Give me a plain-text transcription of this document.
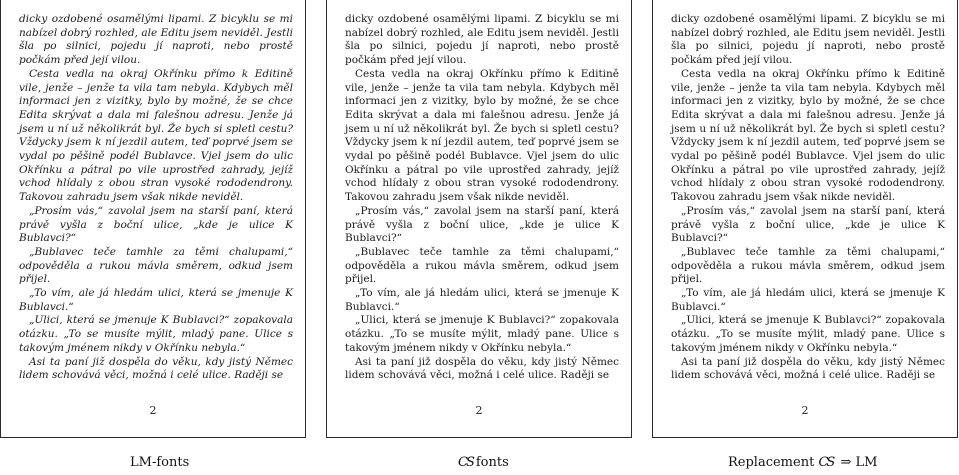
dicky ozdobené osamělými lipami. Z bicyklu se mi nabízel dobrý rozhled, ale Editu jsem neviděl. Jestli šla po silnici, pojedu jí naproti, nebo prostě počkám před její vilou.

Cesta vedla na okraj Okřínku přímo k Editině vile, jenže – jenže ta vila tam nebyla. Kdybych měl informaci jen z vizitky, bylo by možné, že se chce Edita skrývat a dala mi falešnou adresu. Jenže já jsem u ní už několikrát byl. Že bych si spletl cestu? Vždycky jsem k ní jezdil autem, teď poprvé jsem se vydal po pěšině podél Bublavce. Vjel jsem do ulic Okřínku a pátral po vile uprostřed zahrady, jejíž vchod hlídaly z obou stran vysoké rododendrony. Takovou zahradu jsem však nikde neviděl.

„Prosím vás,“ zavolal jsem na starší paní, která právě vyšla z boční ulice, „kde je ulice K Bublavci?“

„Bublavec teče tamhle za těmi chalupami,“ odpověděla a rukou mávla směrem, odkud jsem přijel.

„To vím, ale já hledám ulici, která se jmenuje K Bublavci.“

„Ulici, která se jmenuje K Bublavci?“ zopakovala otázku. „To se musíte mýlit, mladý pane. Ulice s takovým jménem nikdy v Okřínku nebyla.“

Asi ta paní již dospěla do věku, kdy jistý Němec lidem schovává věci, možná i celé ulice. Raději se

2

dicky ozdobené osamělými lipami. Z bicyklu se mi nabízel dobrý rozhled, ale Editu jsem neviděl. Jestli šla po silnici, pojedu jí naproti, nebo prostě počkám před její vilou.

Cesta vedla na okraj Okřínku přímo k Editině vile, jenže – jenže ta vila tam nebyla. Kdybych měl informaci jen z vizitky, bylo by možné, že se chce Edita skrývat a dala mi falešnou adresu. Jenže já jsem u ní už několikrát byl. Že bych si spletl cestu? Vždycky jsem k ní jezdil autem, teď poprvé jsem se vydal po pěšině podél Bublavce. Vjel jsem do ulic Okřínku a pátral po vile uprostřed zahrady, jejíž vchod hlídaly z obou stran vysoké rododendrony. Takovou zahradu jsem však nikde neviděl.

„Prosím vás,“ zavolal jsem na starší paní, která právě vyšla z boční ulice, „kde je ulice K Bublavci?“

„Bublavec teče tamhle za těmi chalupami,“ odpověděla a rukou mávla směrem, odkud jsem přijel.

„To vím, ale já hledám ulici, která se jmenuje K Bublavci.“

„Ulici, která se jmenuje K Bublavci?“ zopakovala otázku. „To se musíte mýlit, mladý pane. Ulice s takovým jménem nikdy v Okřínku nebyla.“

Asi ta paní již dospěla do věku, kdy jistý Němec lidem schovává věci, možná i celé ulice. Raději se

2

dicky ozdobené osamělými lipami. Z bicyklu se mi nabízel dobrý rozhled, ale Editu jsem neviděl. Jestli šla po silnici, pojedu jí naproti, nebo prostě počkám před její vilou.

Cesta vedla na okraj Okřínku přímo k Editině vile, jenže – jenže ta vila tam nebyla. Kdybych měl informaci jen z vizitky, bylo by možné, že se chce Edita skrývat a dala mi falešnou adresu. Jenže já jsem u ní už několikrát byl. Že bych si spletl cestu? Vždycky jsem k ní jezdil autem, teď poprvé jsem se vydal po pěšině podél Bublavce. Vjel jsem do ulic Okřínku a pátral po vile uprostřed zahrady, jejíž vchod hlídaly z obou stran vysoké rododendrony. Takovou zahradu jsem však nikde neviděl.

„Prosím vás,“ zavolal jsem na starší paní, která právě vyšla z boční ulice, „kde je ulice K Bublavci?“

„Bublavec teče tamhle za těmi chalupami,“ odpověděla a rukou mávla směrem, odkud jsem přijel.

„To vím, ale já hledám ulici, která se jmenuje K Bublavci.“

„Ulici, která se jmenuje K Bublavci?“ zopakovala otázku. „To se musíte mýlit, mladý pane. Ulice s takovým jménem nikdy v Okřínku nebyla.“

Asi ta paní již dospěla do věku, kdy jistý Němec lidem schovává věci, možná i celé ulice. Raději se

2
LM-fonts	CS fonts	Replacement CS ⇒ LM
